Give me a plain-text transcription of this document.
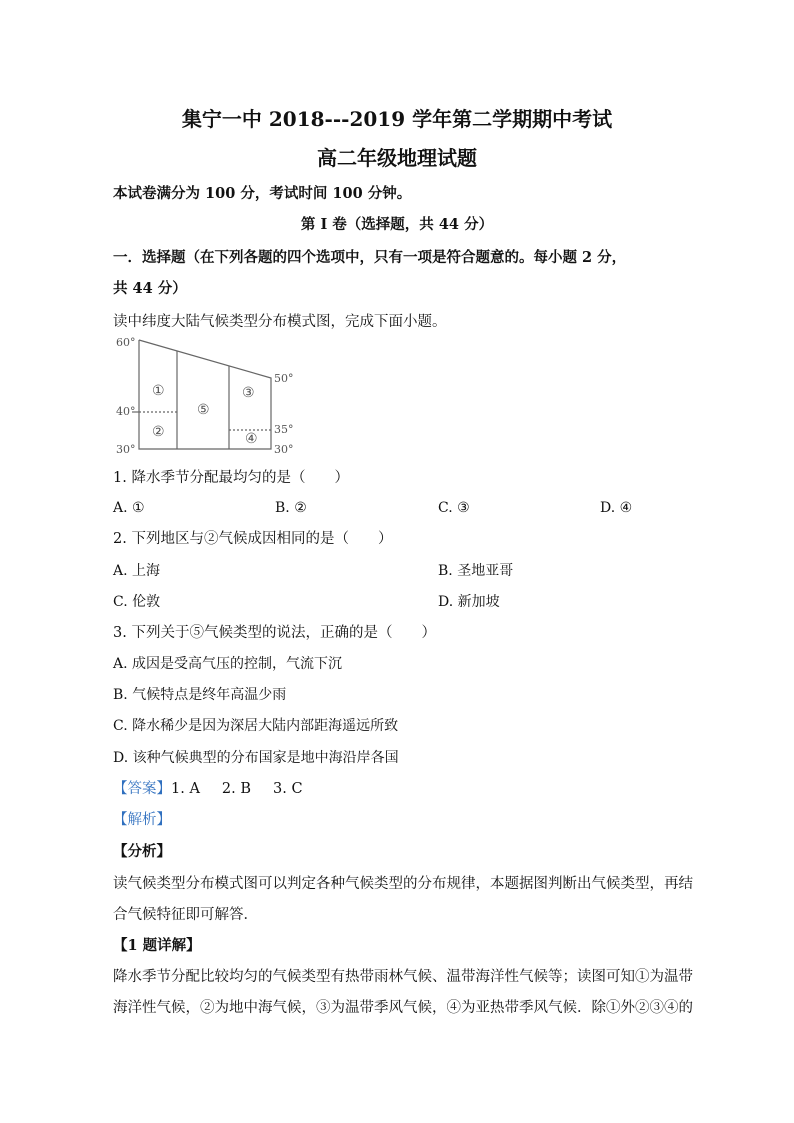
集宁一中 2018---2019 学年第二学期期中考试
高二年级地理试题
本试卷满分为 100 分，考试时间 100 分钟。
第 I 卷（选择题，共 44 分）
一．选择题（在下列各题的四个选项中，只有一项是符合题意的。每小题 2 分，
共 44 分）
读中纬度大陆气候类型分布模式图，完成下面小题。
60°
50°
40°
35°
30°	30°
①
②
③
④
⑤
1. 降水季节分配最均匀的是（　　）
A. ①	B. ②	C. ③	D. ④
2. 下列地区与②气候成因相同的是（　　）
A. 上海	B. 圣地亚哥
C. 伦敦	D. 新加坡
3. 下列关于⑤气候类型的说法，正确的是（　　）
A. 成因是受高气压的控制，气流下沉
B. 气候特点是终年高温少雨
C. 降水稀少是因为深居大陆内部距海遥远所致
D. 该种气候典型的分布国家是地中海沿岸各国
【答案】1. A 2. B 3. C
【解析】
【分析】
读气候类型分布模式图可以判定各种气候类型的分布规律，本题据图判断出气候类型，再结
合气候特征即可解答．
【1 题详解】
降水季节分配比较均匀的气候类型有热带雨林气候、温带海洋性气候等；读图可知①为温带
海洋性气候，②为地中海气候，③为温带季风气候，④为亚热带季风气候．除①外②③④的
